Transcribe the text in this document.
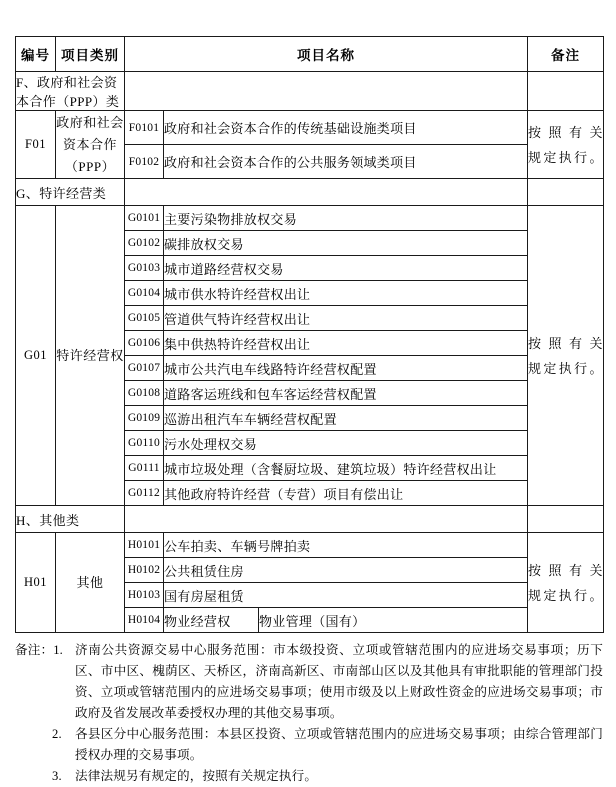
编号	项目类别	项目名称			备注
F、政府和社会资本合作（PPP）类					
F01	政府和社会资本合作（PPP）	F0101	政府和社会资本合作的传统基础设施类项目		按照有关
规定执行。

		F0102	政府和社会资本合作的公共服务领域类项目		
G、特许经营类					
G01	特许经营权	G0101	主要污染物排放权交易		按照有关
规定执行。

		G0102	碳排放权交易		
		G0103	城市道路经营权交易		
		G0104	城市供水特许经营权出让		
		G0105	管道供气特许经营权出让		
		G0106	集中供热特许经营权出让		
		G0107	城市公共汽电车线路特许经营权配置		
		G0108	道路客运班线和包车客运经营权配置		
		G0109	巡游出租汽车车辆经营权配置		
		G0110	污水处理权交易		
		G0111	城市垃圾处理（含餐厨垃圾、建筑垃圾）特许经营权出让		
		G0112	其他政府特许经营（专营）项目有偿出让		
H、其他类					
H01	其他	H0101	公车拍卖、车辆号牌拍卖		按照有关
规定执行。

		H0102	公共租赁住房		
		H0103	国有房屋租赁		
		H0104	物业经营权	物业管理（国有）	
备注：1. 济南公共资源交易中心服务范围：市本级投资、立项或管辖范围内的应进场交易事项；历下区、市中区、槐荫区、天桥区，济南高新区、市南部山区以及其他具有审批职能的管理部门投资、立项或管辖范围内的应进场交易事项；使用市级及以上财政性资金的应进场交易事项；市政府及省发展改革委授权办理的其他交易事项。
2. 各县区分中心服务范围：本县区投资、立项或管辖范围内的应进场交易事项；由综合管理部门授权办理的交易事项。
3. 法律法规另有规定的，按照有关规定执行。
